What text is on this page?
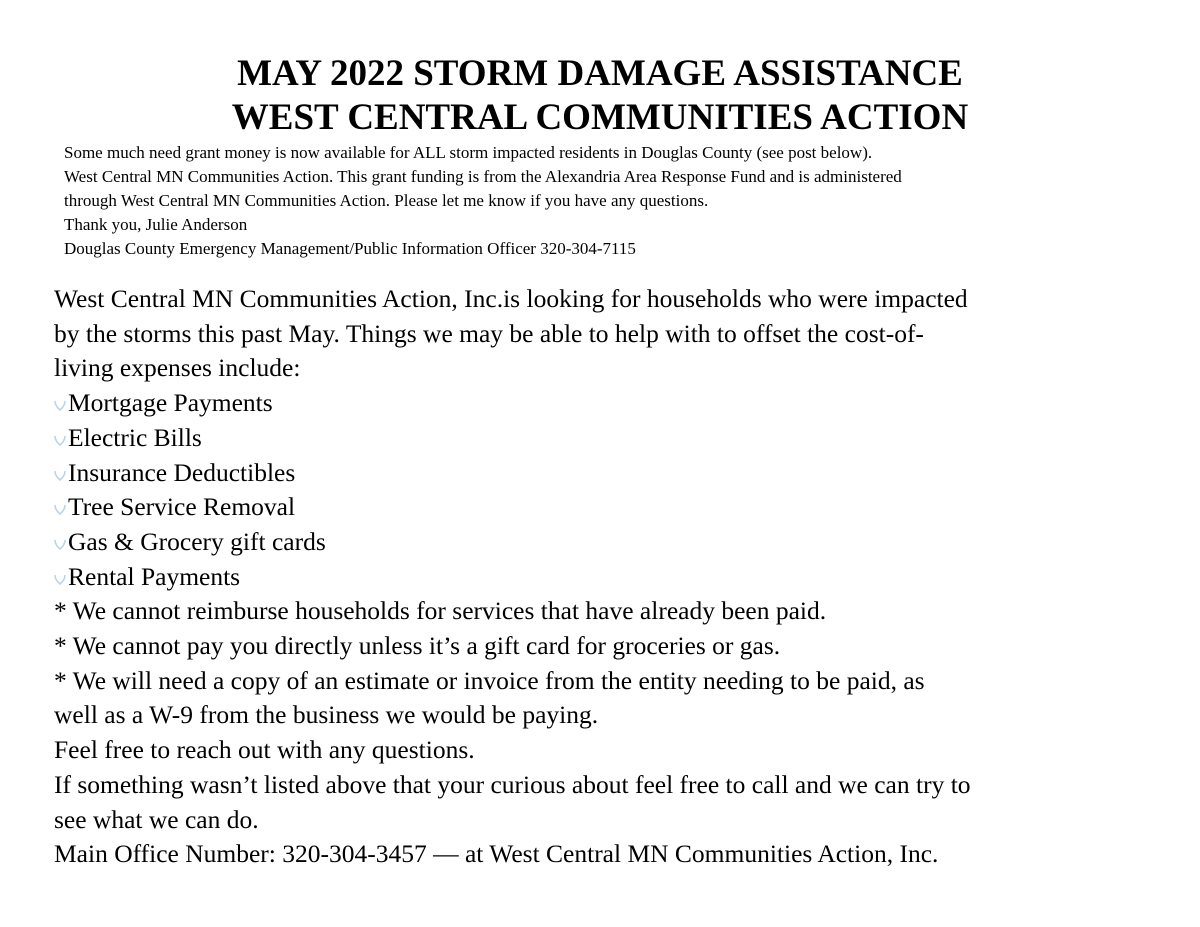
MAY 2022 STORM DAMAGE ASSISTANCE
WEST CENTRAL COMMUNITIES ACTION
Some much need grant money is now available for ALL storm impacted residents in Douglas County (see post below).
West Central MN Communities Action. This grant funding is from the Alexandria Area Response Fund and is administered
through West Central MN Communities Action. Please let me know if you have any questions.
Thank you, Julie Anderson
Douglas County Emergency Management/Public Information Officer 320-304-7115
West Central MN Communities Action, Inc.is looking for households who were impacted
by the storms this past May. Things we may be able to help with to offset the cost-of-
living expenses include:
Mortgage Payments
Electric Bills
Insurance Deductibles
Tree Service Removal
Gas & Grocery gift cards
Rental Payments
* We cannot reimburse households for services that have already been paid.
* We cannot pay you directly unless it’s a gift card for groceries or gas.
* We will need a copy of an estimate or invoice from the entity needing to be paid, as
well as a W-9 from the business we would be paying.
Feel free to reach out with any questions.
If something wasn’t listed above that your curious about feel free to call and we can try to
see what we can do.
Main Office Number: 320-304-3457 — at West Central MN Communities Action, Inc.
